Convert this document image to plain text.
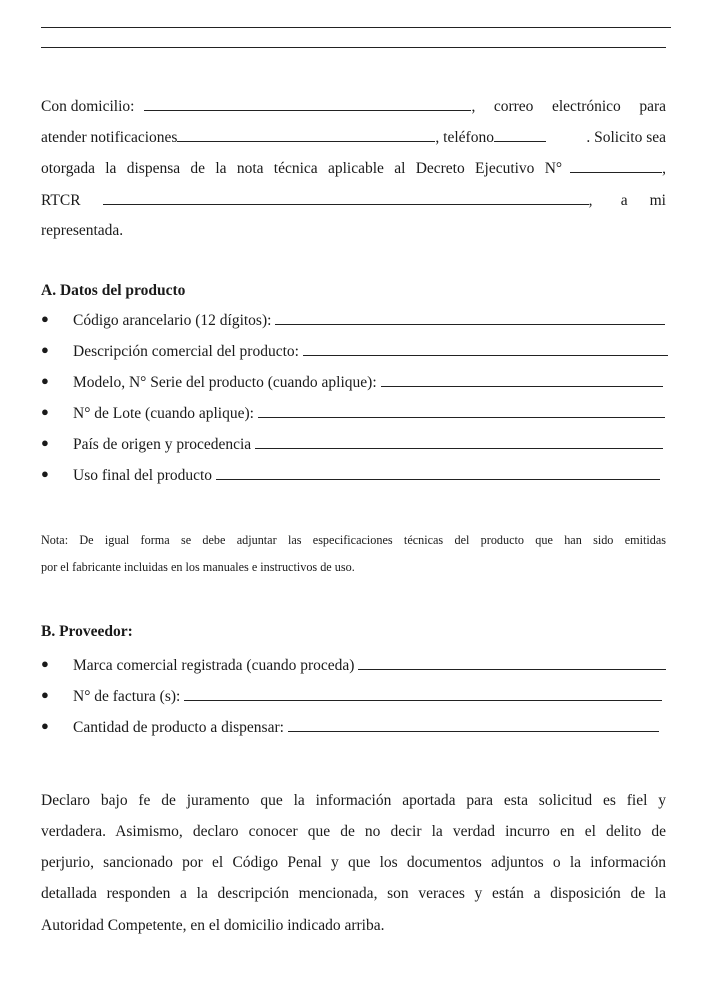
Con domicilio:	, correo electrónico para
atender notificaciones	, teléfono	. Solicito sea
otorgada la dispensa de la nota técnica aplicable al Decreto Ejecutivo N°	,
RTCR	, a mi
representada.
A. Datos del producto
● Código arancelario (12 dígitos):
● Descripción comercial del producto:
● Modelo, N° Serie del producto (cuando aplique):
● N° de Lote (cuando aplique):
● País de origen y procedencia
● Uso final del producto
Nota: De igual forma se debe adjuntar las especificaciones técnicas del producto que han sido emitidas
por el fabricante incluidas en los manuales e instructivos de uso.
B. Proveedor:
● Marca comercial registrada (cuando proceda)
● N° de factura (s):
● Cantidad de producto a dispensar:
Declaro bajo fe de juramento que la información aportada para esta solicitud es fiel y
verdadera. Asimismo, declaro conocer que de no decir la verdad incurro en el delito de
perjurio, sancionado por el Código Penal y que los documentos adjuntos o la información
detallada responden a la descripción mencionada, son veraces y están a disposición de la
Autoridad Competente, en el domicilio indicado arriba.
